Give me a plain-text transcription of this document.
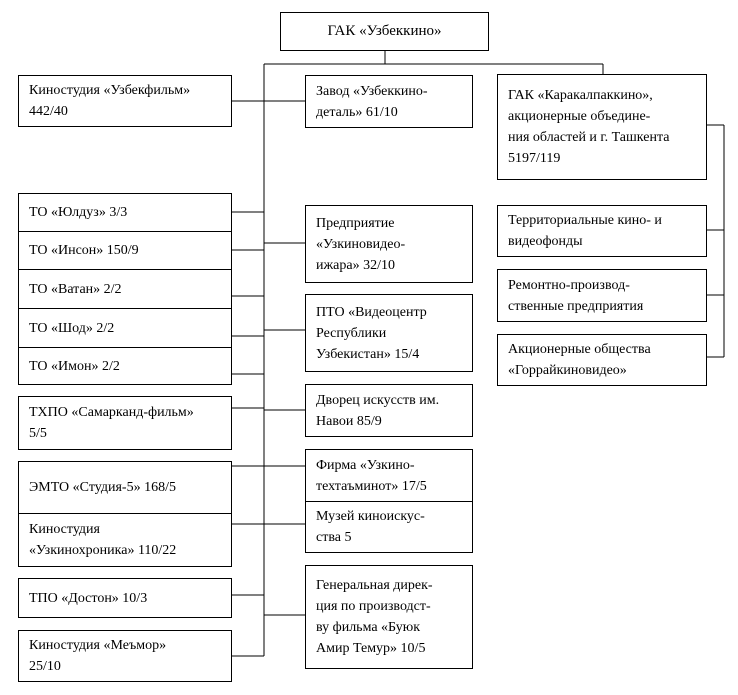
ГАК «Узбеккино»
Киностудия «Узбекфильм»
442/40
ТО «Юлдуз» 3/3
ТО «Инсон» 150/9
ТО «Ватан» 2/2
ТО «Шод» 2/2
ТО «Имон» 2/2
ТХПО «Самарканд-фильм»
5/5
ЭМТО «Студия-5» 168/5
Киностудия
«Узкинохроника» 110/22
ТПО «Достон» 10/3
Киностудия «Меъмор»
25/10
Завод «Узбеккино-
деталь» 61/10
Предприятие
«Узкиновидео-
ижара» 32/10
ПТО «Видеоцентр
Республики
Узбекистан» 15/4
Дворец искусств им.
Навои 85/9
Фирма «Узкино-
техтаъминот» 17/5
Музей киноискус-
ства 5
Генеральная дирек-
ция по производст-
ву фильма «Буюк
Амир Темур» 10/5
ГАК «Каракалпаккино»,
акционерные объедине-
ния областей и г. Ташкента
5197/119
Территориальные кино- и
видеофонды
Ремонтно-производ-
ственные предприятия
Акционерные общества
«Горрайкиновидео»
